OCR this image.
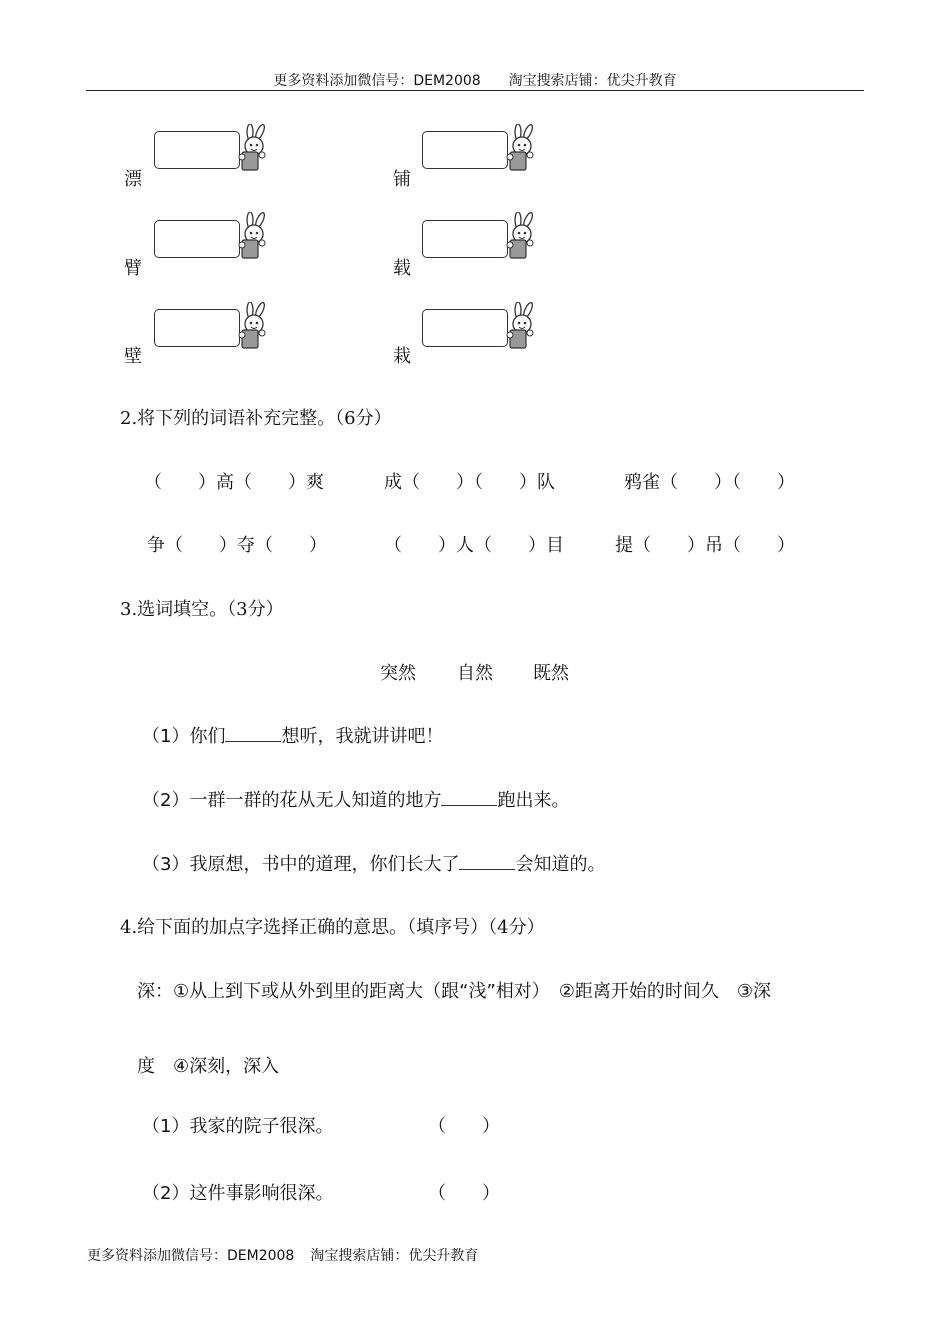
更多资料添加微信号：DEM2008 淘宝搜索店铺：优尖升教育
漂	铺
臂	载
壁	栽
2.将下列的词语补充完整。（6分）
（　　）高（　　）爽	成（　　）（　　）队	鸦雀（　　）（　　）
争（　　）夺（　　）	（　　）人（　　）目	提（　　）吊（　　）
3.选词填空。（3分）
突然 自然 既然
（1）你们	想听，我就讲讲吧！
（2）一群一群的花从无人知道的地方	跑出来。
（3）我原想，书中的道理，你们长大了	会知道的。
4.给下面的加点字选择正确的意思。（填序号）（4分）
深：①从上到下或从外到里的距离大（跟“浅”相对）　②距离开始的时间久　③深
度　④深刻，深入
（1）我家的院子很深。	（　　）
（2）这件事影响很深。	（　　）
更多资料添加微信号：DEM2008 淘宝搜索店铺：优尖升教育
